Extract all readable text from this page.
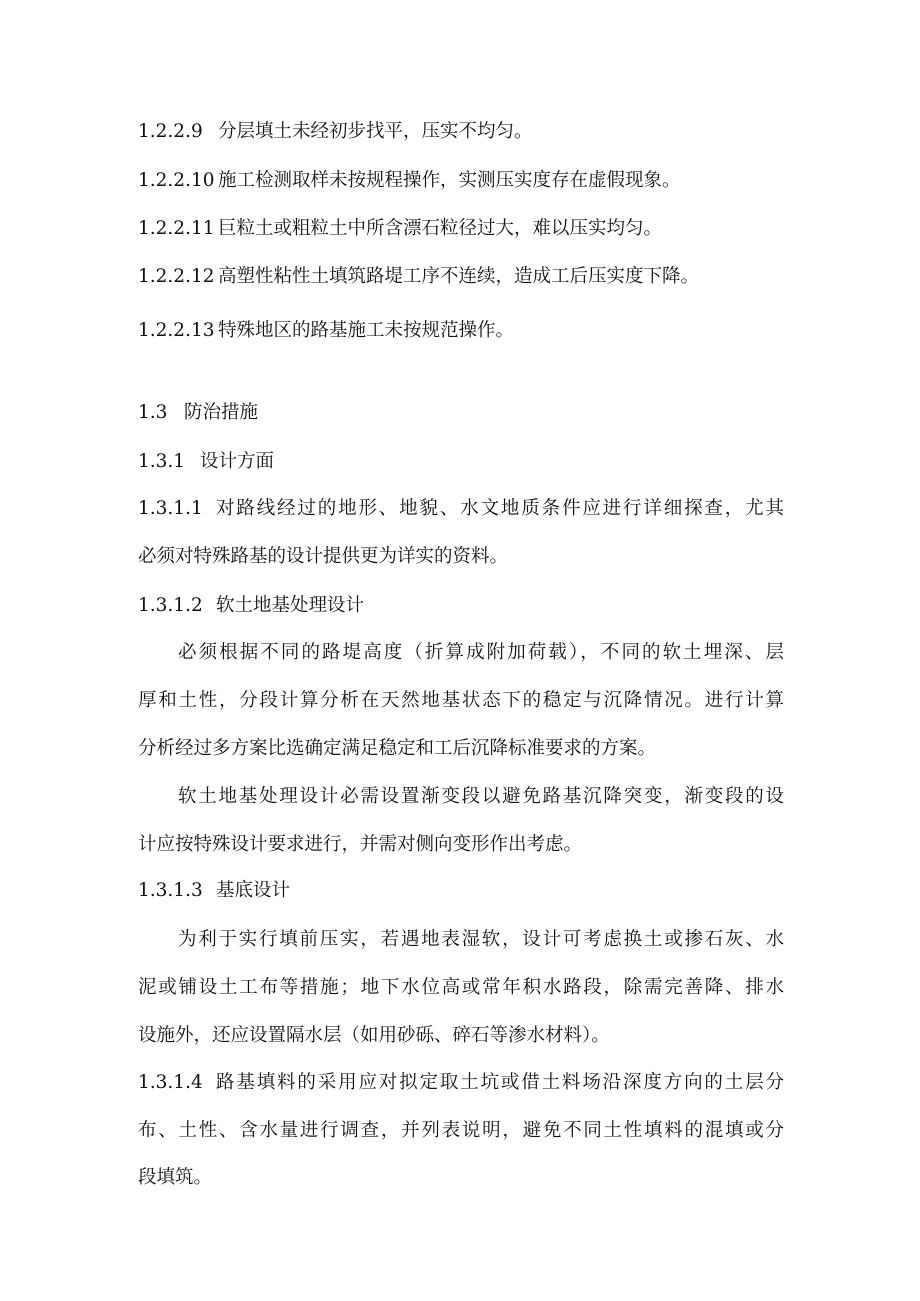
1.2.2.9 分层填土未经初步找平，压实不均匀。
1.2.2.10 施工检测取样未按规程操作，实测压实度存在虚假现象。
1.2.2.11 巨粒土或粗粒土中所含漂石粒径过大，难以压实均匀。
1.2.2.12 高塑性粘性土填筑路堤工序不连续，造成工后压实度下降。
1.2.2.13 特殊地区的路基施工未按规范操作。
1.3 防治措施
1.3.1 设计方面
1.3.1.1 对路线经过的地形、地貌、水文地质条件应进行详细探查，尤其
必须对特殊路基的设计提供更为详实的资料。
1.3.1.2 软土地基处理设计
必须根据不同的路堤高度（折算成附加荷载），不同的软土埋深、层
厚和土性，分段计算分析在天然地基状态下的稳定与沉降情况。进行计算
分析经过多方案比选确定满足稳定和工后沉降标准要求的方案。
软土地基处理设计必需设置渐变段以避免路基沉降突变，渐变段的设
计应按特殊设计要求进行，并需对侧向变形作出考虑。
1.3.1.3 基底设计
为利于实行填前压实，若遇地表湿软，设计可考虑换土或掺石灰、水
泥或铺设土工布等措施；地下水位高或常年积水路段，除需完善降、排水
设施外，还应设置隔水层（如用砂砾、碎石等渗水材料）。
1.3.1.4 路基填料的采用应对拟定取土坑或借土料场沿深度方向的土层分
布、土性、含水量进行调查，并列表说明，避免不同土性填料的混填或分
段填筑。
